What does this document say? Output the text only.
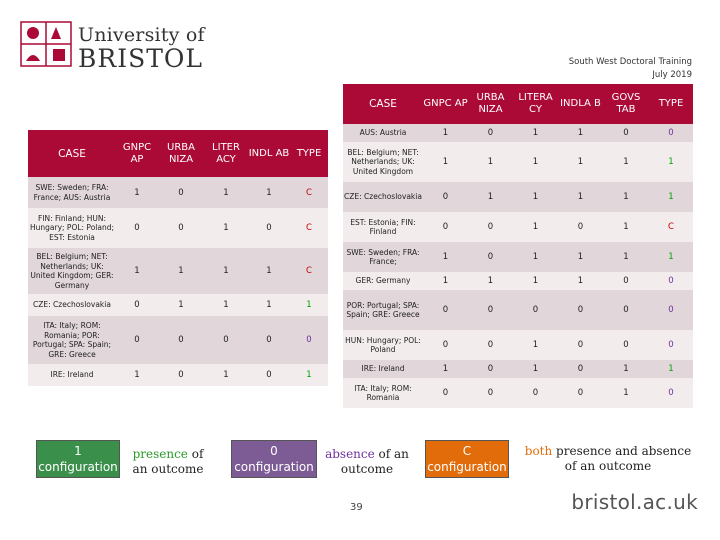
University of
BRISTOL	South West Doctoral Training
July 2019
CASE	GNPC AP	URBA NIZA	LITER ACY	INDL AB	TYPE
SWE: Sweden; FRA: France; AUS: Austria	1	0	1	1	C
FIN: Finland; HUN: Hungary; POL: Poland; EST: Estonia	0	0	1	0	C
BEL: Belgium; NET: Netherlands; UK: United Kingdom; GER: Germany	1	1	1	1	C
CZE: Czechoslovakia	0	1	1	1	1
ITA: Italy; ROM: Romania; POR: Portugal; SPA: Spain; GRE: Greece	0	0	0	0	0
IRE: Ireland	1	0	1	0	1
CASE	GNPC AP	URBA NIZA	LITERA CY	INDLA B	GOVS TAB	TYPE
AUS: Austria	1	0	1	1	0	0
BEL: Belgium; NET: Netherlands; UK: United Kingdom	1	1	1	1	1	1
CZE: Czechoslovakia	0	1	1	1	1	1
EST: Estonia; FIN: Finland	0	0	1	0	1	C
SWE: Sweden; FRA: France;	1	0	1	1	1	1
GER: Germany	1	1	1	1	0	0
POR: Portugal; SPA: Spain; GRE: Greece	0	0	0	0	0	0
HUN: Hungary; POL: Poland	0	0	1	0	0	0
IRE: Ireland	1	0	1	0	1	1
ITA: Italy; ROM: Romania	0	0	0	0	1	0
1
configuration
presence of an outcome
0
configuration
absence of an outcome
C
configuration
both presence and absence of an outcome
39	bristol.ac.uk
